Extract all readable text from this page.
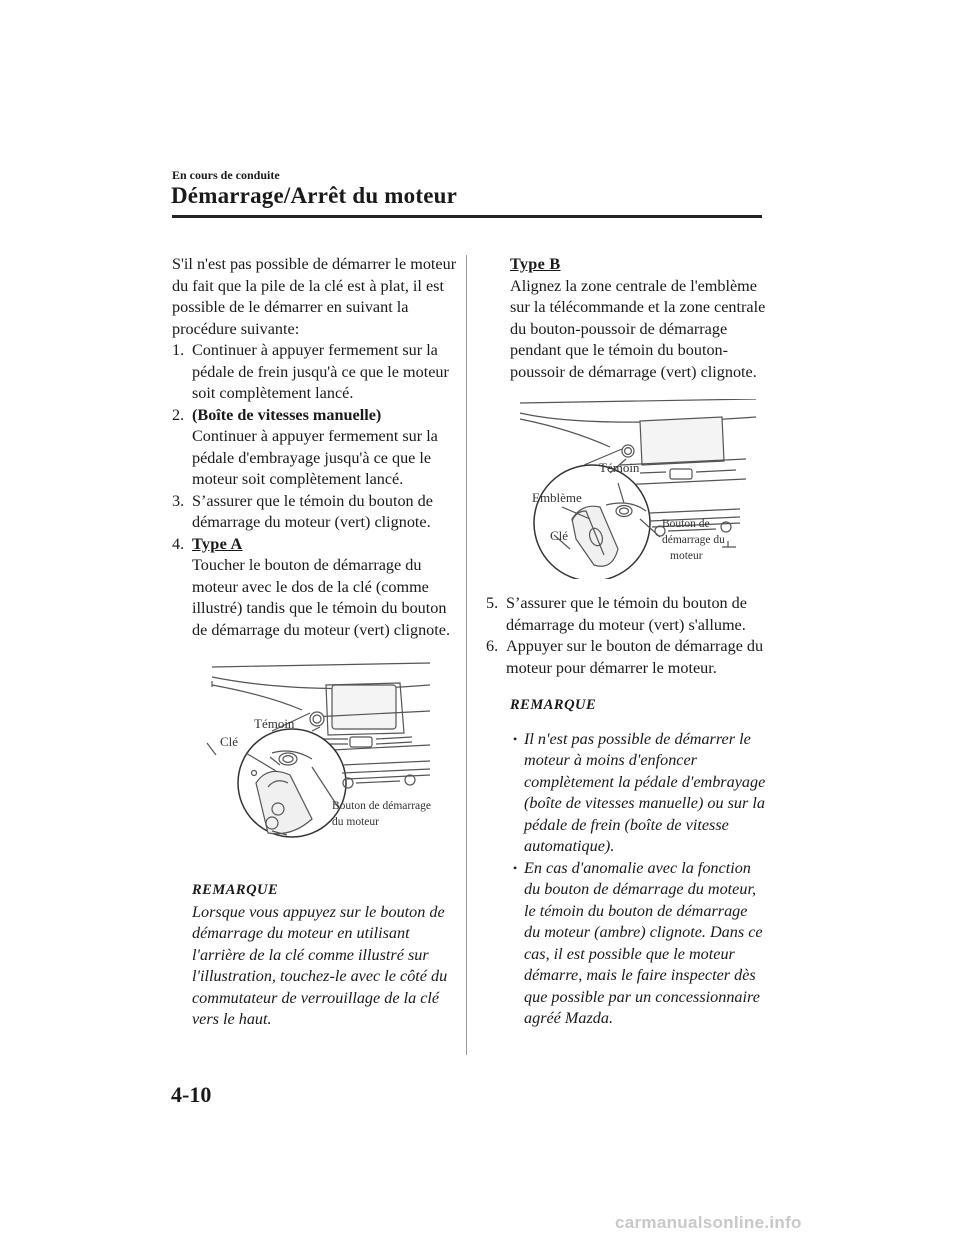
En cours de conduite
Démarrage/Arrêt du moteur

S'il n'est pas possible de démarrer le moteur du fait que la pile de la clé est à plat, il est possible de le démarrer en suivant la procédure suivante:

1. Continuer à appuyer fermement sur la pédale de frein jusqu'à ce que le moteur soit complètement lancé.
2. (Boîte de vitesses manuelle)
Continuer à appuyer fermement sur la pédale d'embrayage jusqu'à ce que le moteur soit complètement lancé.
3. S’assurer que le témoin du bouton de démarrage du moteur (vert) clignote.
4. Type A
Toucher le bouton de démarrage du moteur avec le dos de la clé (comme illustré) tandis que le témoin du bouton de démarrage du moteur (vert) clignote.
Témoin
Clé
Bouton de démarrage
du moteur
REMARQUE

Lorsque vous appuyez sur le bouton de démarrage du moteur en utilisant l'arrière de la clé comme illustré sur l'illustration, touchez-le avec le côté du commutateur de verrouillage de la clé vers le haut.

Type B

Alignez la zone centrale de l'emblème sur la télécommande et la zone centrale du bouton-poussoir de démarrage pendant que le témoin du bouton-poussoir de démarrage (vert) clignote.

Témoin
Emblème
Clé
Bouton de
démarrage du
moteur
5. S’assurer que le témoin du bouton de démarrage du moteur (vert) s'allume.
6. Appuyer sur le bouton de démarrage du moteur pour démarrer le moteur.
REMARQUE
• Il n'est pas possible de démarrer le moteur à moins d'enfoncer complètement la pédale d'embrayage (boîte de vitesses manuelle) ou sur la pédale de frein (boîte de vitesse automatique).
• En cas d'anomalie avec la fonction du bouton de démarrage du moteur, le témoin du bouton de démarrage du moteur (ambre) clignote. Dans ce cas, il est possible que le moteur démarre, mais le faire inspecter dès que possible par un concessionnaire agréé Mazda.
4-10
carmanualsonline.info
